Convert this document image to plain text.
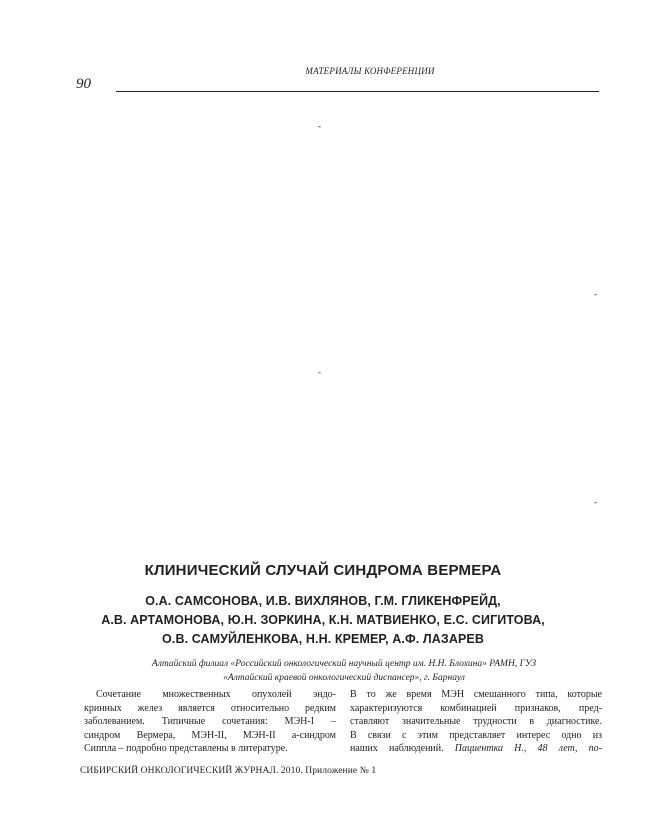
МАТЕРИАЛЫ КОНФЕРЕНЦИИ
90
-
-
-
-
КЛИНИЧЕСКИЙ СЛУЧАЙ СИНДРОМА ВЕРМЕРА
О.А. САМСОНОВА, И.В. ВИХЛЯНОВ, Г.М. ГЛИКЕНФРЕЙД,
А.В. АРТАМОНОВА, Ю.Н. ЗОРКИНА, К.Н. МАТВИЕНКО, Е.С. СИГИТОВА,
О.В. САМУЙЛЕНКОВА, Н.Н. КРЕМЕР, А.Ф. ЛАЗАРЕВ
Алтайский филиал «Российский онкологический научный центр им. Н.Н. Блохина» РАМН, ГУЗ
«Алтайский краевой онкологический диспансер», г. Барнаул
Сочетание множественных опухолей эндо-
кринных желез является относительно редким
заболеванием. Типичные сочетания: МЭН-I –
синдром Вермера, МЭН-II, МЭН-II а-синдром
Сиппла – подробно представлены в литературе.
В то же время МЭН смешанного типа, которые
характеризуются комбинацией признаков, пред-
ставляют значительные трудности в диагностике.
В связи с этим представляет интерес одно из
наших наблюдений. Пациентка Н., 48 лет, по-
СИБИРСКИЙ ОНКОЛОГИЧЕСКИЙ ЖУРНАЛ. 2010. Приложение № 1
